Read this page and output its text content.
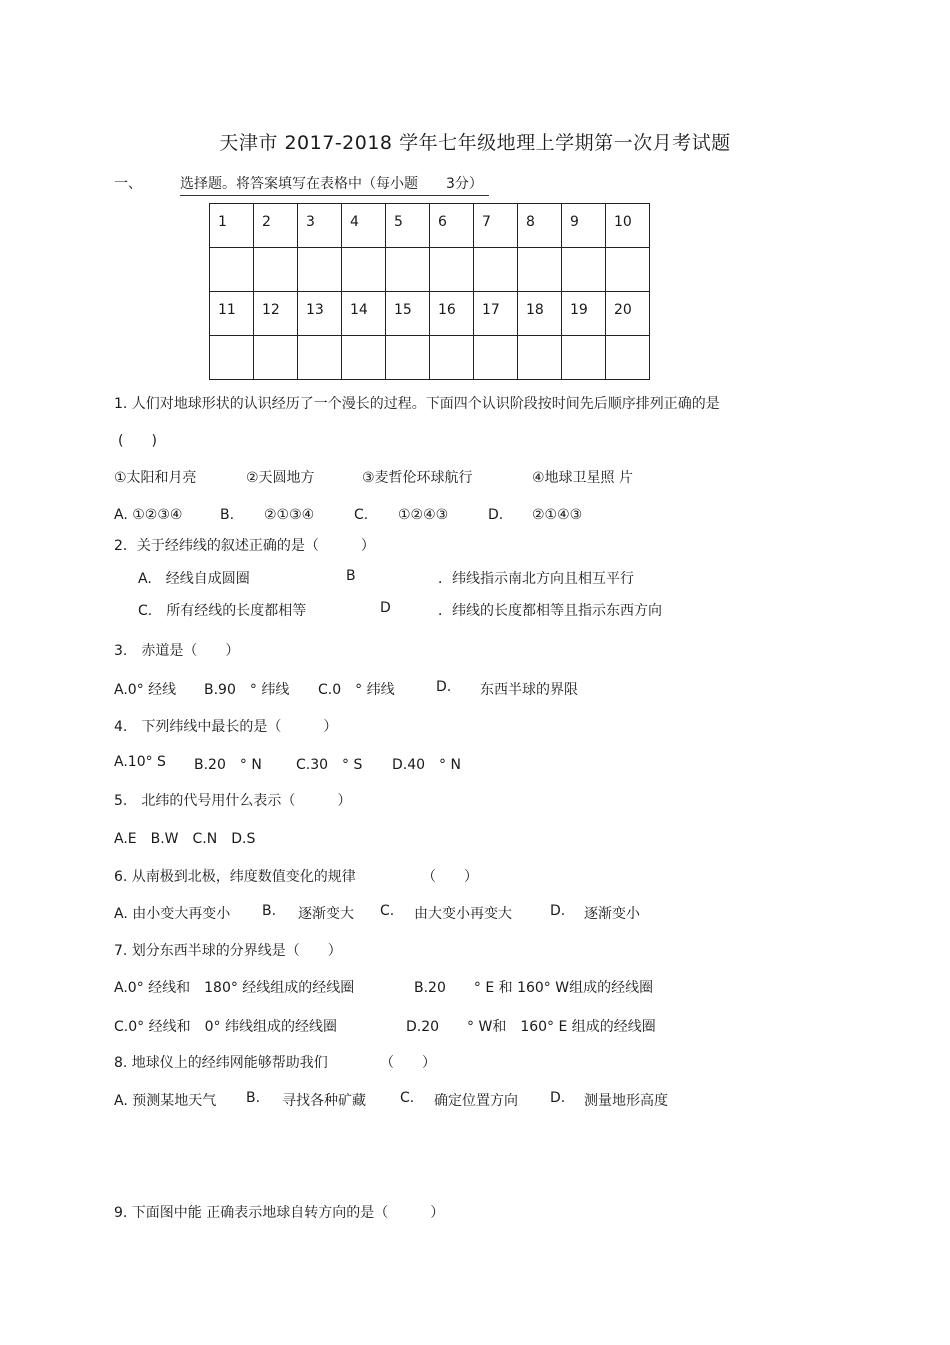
天津市 2017-2018 学年七年级地理上学期第一次月考试题
一、	选择题。将答案填写在表格中（每小题　　3分）
1	2	3	4	5	6	7	8	9	10

11	12	13	14	15	16	17	18	19	20

1. 人们对地球形状的认识经历了一个漫长的过程。下面四个认识阶段按时间先后顺序排列正确的是
(　　)
①太阳和月亮	②天圆地方	③麦哲伦环球航行	④地球卫星照 片
A. ①②③④	B. ②①③④	C. ①②④③	D. ②①④③
2．关于经纬线的叙述正确的是（　　　）
A.　经线自成圆圈	B	．纬线指示南北方向且相互平行
C.　所有经线的长度都相等	D	．纬线的长度都相等且指示东西方向
3.　赤道是（　　）
A.0° 经线 B.90　° 纬线 C.0　° 纬线	D. 东西半球的界限
4.　下列纬线中最长的是（　　　）
A.10° S B.20　° N C.30　° S D.40　° N
5.　北纬的代号用什么表示（　　　）
A.E　B.W　C.N　D.S
6. 从南极到北极，纬度数值变化的规律	（　　）
A. 由小变大再变小 B. 逐渐变大 C. 由大变小再变大	D. 逐渐变小
7. 划分东西半球的分界线是（　　）
A.0° 经线和　180° 经线组成的经线圈	B.20　　° E 和 160° W组成的经线圈
C.0° 经线和　0° 纬线组成的经线圈	D.20　　° W和　160° E 组成的经线圈
8. 地球仪上的经纬网能够帮助我们	（　　）
A. 预测某地天气 B. 寻找各种矿藏 C. 确定位置方向 D. 测量地形高度
9. 下面图中能 正确表示地球自转方向的是（　　　）
